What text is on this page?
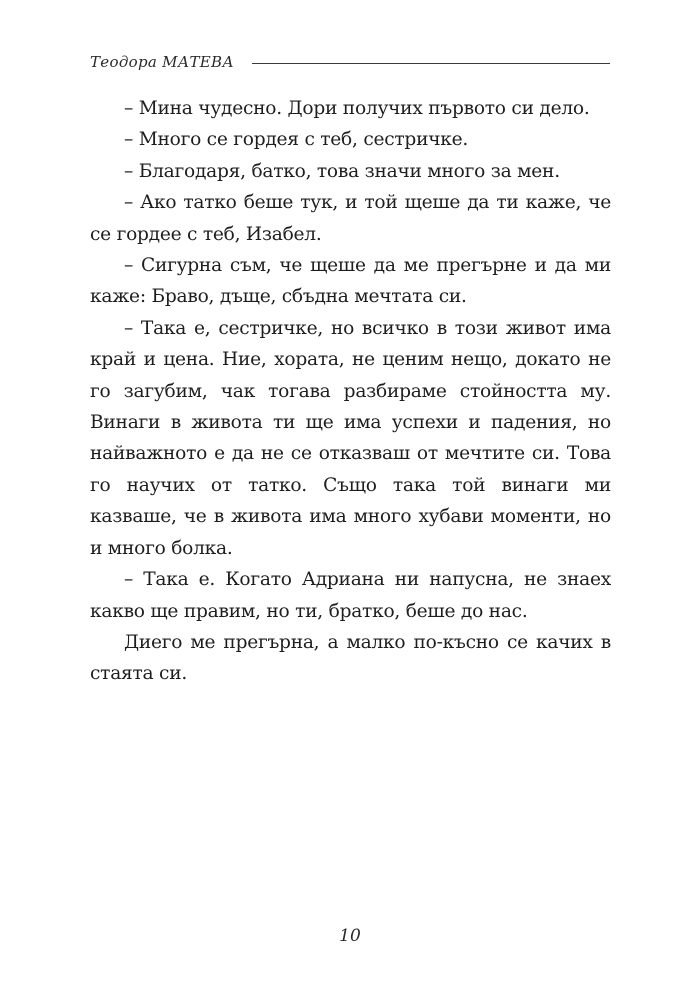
Теодора МАТЕВА

– Мина чудесно. Дори получих първото си дело.

– Много се гордея с теб, сестричке.

– Благодаря, батко, това значи много за мен.

– Ако татко беше тук, и той щеше да ти каже, че се гордее с теб, Изабел.

– Сигурна съм, че щеше да ме прегърне и да ми каже: Браво, дъще, сбъдна мечтата си.

– Така е, сестричке, но всичко в този живот има край и цена. Ние, хората, не ценим нещо, докато не го загубим, чак тогава разбираме стойността му. Винаги в живота ти ще има успехи и падения, но найважното е да не се отказваш от мечтите си. Това го научих от татко. Също така той винаги ми казваше, че в живота има много хубави моменти, но и много болка.

– Така е. Когато Адриана ни напусна, не знаех какво ще правим, но ти, братко, беше до нас.

Диего ме прегърна, а малко по-късно се качих в стаята си.

10
